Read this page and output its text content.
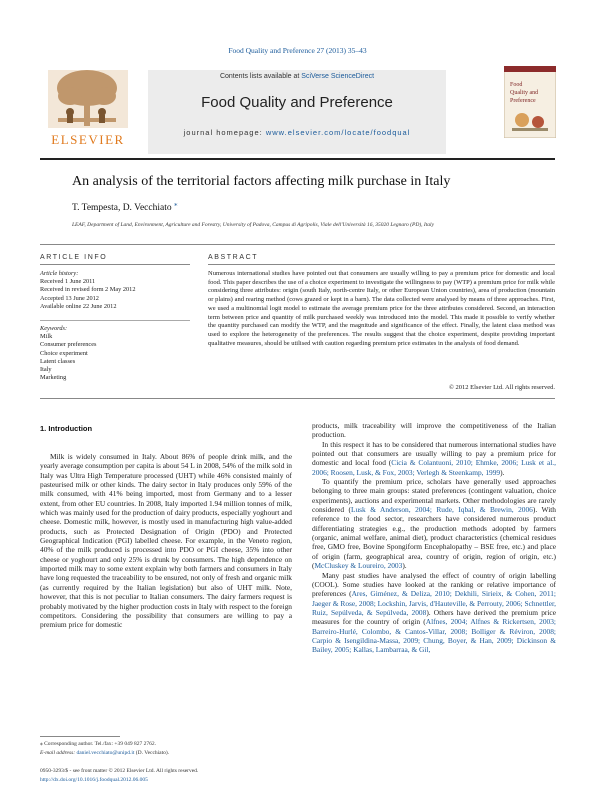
Food Quality and Preference 27 (2013) 35–43
ELSEVIER
Contents lists available at SciVerse ScienceDirect
Food Quality and Preference
journal homepage: www.elsevier.com/locate/foodqual
Food
Quality and
Preference
An analysis of the territorial factors affecting milk purchase in Italy
T. Tempesta, D. Vecchiato ⁎
LEAF, Department of Land, Environment, Agriculture and Forestry, University of Padova, Campus di Agripolis, Viale dell'Università 16, 35020 Legnaro (PD), Italy
ARTICLE INFO	ABSTRACT
Article history:
Received 1 June 2011
Received in revised form 2 May 2012
Accepted 13 June 2012
Available online 22 June 2012
Keywords:
Milk
Consumer preferences
Choice experiment
Latent classes
Italy
Marketing
Numerous international studies have pointed out that consumers are usually willing to pay a premium price for domestic and local food. This paper describes the use of a choice experiment to investigate the willingness to pay (WTP) a premium price for milk while considering three attributes: origin (south Italy, north-centre Italy, or other European Union countries), area of production (mountain or plains) and rearing method (cows grazed or kept in a barn). The data collected were analysed by means of three approaches. First, we used a multinomial logit model to estimate the average premium price for the three attributes considered. Second, an interaction term between price and quantity of milk purchased weekly was introduced into the model. This made it possible to verify whether the quantity purchased can modify the WTP, and the magnitude and significance of the effect. Finally, the latent class method was used to explore the heterogeneity of the preferences. The results suggest that the choice experiment, despite providing important qualitative measures, should be utilised with caution regarding premium price estimates in the analysis of food demand.
© 2012 Elsevier Ltd. All rights reserved.
1. Introduction

Milk is widely consumed in Italy. About 86% of people drink milk, and the yearly average consumption per capita is about 54 L in 2008, 54% of the milk sold in Italy was Ultra High Temperature processed (UHT) while 46% consisted mainly of pasteurised milk or other kinds. The dairy sector in Italy produces only 59% of the milk consumed, with 41% being imported, most from Germany and to a lesser extent, from other EU countries. In 2008, Italy imported 1.94 million tonnes of milk, which was mainly used for the production of dairy products, especially yoghourt and cheese. Domestic milk, however, is mostly used in manufacturing high value-added products, such as Protected Designation of Origin (PDO) and Protected Geographical Indication (PGI) labelled cheese. For example, in the Veneto region, 40% of the milk produced is processed into PDO or PGI cheese, 35% into other cheese or yoghourt and only 25% is drunk by consumers. The high dependence on imported milk may to some extent explain why both farmers and consumers in Italy have long requested the traceability to be ensured, not only of fresh and organic milk (as currently required by the Italian legislation) but also of UHT milk. Note, however, that this is not peculiar to Italian consumers. The dairy farmers request is probably motivated by the higher production costs in Italy with respect to the foreign competitors. Considering the possibility that consumers are willing to pay a premium price for domestic

products, milk traceability will improve the competitiveness of the Italian production.

In this respect it has to be considered that numerous international studies have pointed out that consumers are usually willing to pay a premium price for domestic and local food (Cicia & Colantuoni, 2010; Ehmke, 2006; Lusk et al., 2006; Roosen, Lusk, & Fox, 2003; Verlegh & Steenkamp, 1999).

To quantify the premium price, scholars have generally used approaches belonging to three main groups: stated preferences (contingent valuation, choice experiments), auctions and experimental markets. Other methodologies are rarely considered (Lusk & Anderson, 2004; Rude, Iqbal, & Brewin, 2006). With reference to the food sector, researchers have considered numerous product differentiating strategies e.g., the production methods adopted by farmers (organic, animal welfare, animal diet), product characteristics (chemical residues free, GMO free, Bovine Spongiform Encephalopathy – BSE free, etc.) and place of origin (farm, geographical area, country of origin, region of origin, etc.) (McCluskey & Loureiro, 2003).

Many past studies have analysed the effect of country of origin labelling (COOL). Some studies have looked at the ranking or relative importance of preferences (Ares, Giménez, & Deliza, 2010; Dekhili, Sirieix, & Cohen, 2011; Jaeger & Rose, 2008; Lockshin, Jarvis, d'Hauteville, & Perrouty, 2006; Schnettler, Ruiz, Sepúlveda, & Sepúlveda, 2008). Others have derived the premium price measures for the country of origin (Alfnes, 2004; Alfnes & Rickertsen, 2003; Barreiro-Hurlé, Colombo, & Cantos-Villar, 2008; Bolliger & Réviron, 2008; Carpio & Isengildina-Massa, 2009; Chung, Boyer, & Han, 2009; Dickinson & Bailey, 2005; Kallas, Lambarraa, & Gil,

⁎ Corresponding author. Tel./fax: +39 049 827 2762.
E-mail address: daniel.vecchiato@unipd.it (D. Vecchiato).
0950-3293/$ - see front matter © 2012 Elsevier Ltd. All rights reserved.
http://dx.doi.org/10.1016/j.foodqual.2012.06.005
